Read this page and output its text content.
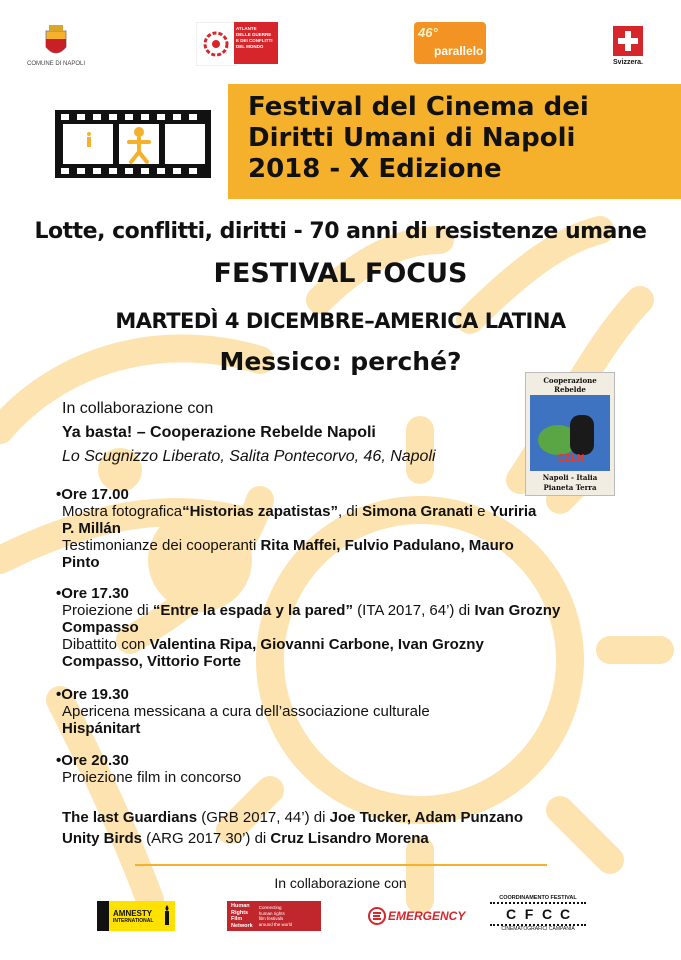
COMUNE DI NAPOLI
ATLANTE
DELLE GUERRE
E DEI CONFLITTI
DEL MONDO
46°
parallelo
Svizzera.
Festival del Cinema dei
Diritti Umani di Napoli
2018 - X Edizione
Lotte, conflitti, diritti - 70 anni di resistenze umane
FESTIVAL FOCUS
MARTEDÌ 4 DICEMBRE–AMERICA LATINA
Messico: perché?
In collaborazione con
Ya basta! – Cooperazione Rebelde Napoli
Lo Scugnizzo Liberato, Salita Pontecorvo, 46, Napoli
Cooperazione
Rebelde
EZLN
Napoli - Italia
Pianeta Terra
•Ore 17.00
Mostra fotografica“Historias zapatistas”, di Simona Granati e Yuriria
P. Millán
Testimonianze dei cooperanti Rita Maffei, Fulvio Padulano, Mauro
Pinto
•Ore 17.30
Proiezione di “Entre la espada y la pared” (ITA 2017, 64’) di Ivan Grozny
Compasso
Dibattito con Valentina Ripa, Giovanni Carbone, Ivan Grozny
Compasso, Vittorio Forte
•Ore 19.30
Apericena messicana a cura dell’associazione culturale
Hispánitart
•Ore 20.30
Proiezione film in concorso
The last Guardians (GRB 2017, 44’) di Joe Tucker, Adam Punzano
Unity Birds (ARG 2017 30’) di Cruz Lisandro Morena
In collaborazione con
AMNESTY
INTERNATIONAL
Human
Rights
Film
Network
Connecting
human rights
film festivals
around the world
EMERGENCY
COORDINAMENTO FESTIVAL
C F C C
CINEMATOGRAFICI CAMPANIA
